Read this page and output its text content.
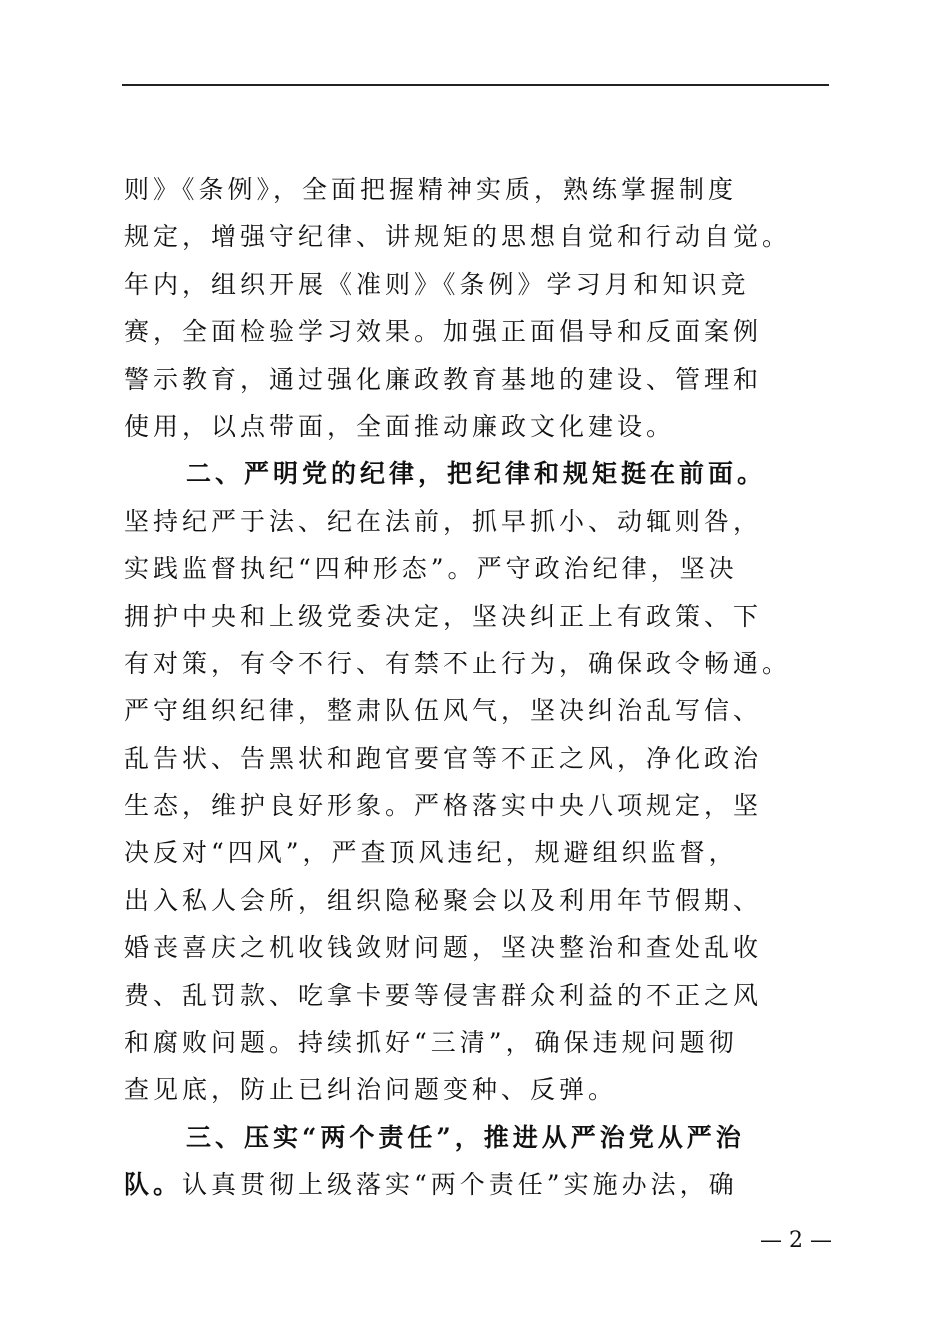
则》《条例》，全面把握精神实质，熟练掌握制度
规定，增强守纪律、讲规矩的思想自觉和行动自觉。
年内，组织开展《准则》《条例》学习月和知识竞
赛，全面检验学习效果。加强正面倡导和反面案例
警示教育，通过强化廉政教育基地的建设、管理和
使用，以点带面，全面推动廉政文化建设。
二、严明党的纪律，把纪律和规矩挺在前面。
坚持纪严于法、纪在法前，抓早抓小、动辄则咎，
实践监督执纪“四种形态”。严守政治纪律，坚决
拥护中央和上级党委决定，坚决纠正上有政策、下
有对策，有令不行、有禁不止行为，确保政令畅通。
严守组织纪律，整肃队伍风气，坚决纠治乱写信、
乱告状、告黑状和跑官要官等不正之风，净化政治
生态，维护良好形象。严格落实中央八项规定，坚
决反对“四风”，严查顶风违纪，规避组织监督，
出入私人会所，组织隐秘聚会以及利用年节假期、
婚丧喜庆之机收钱敛财问题，坚决整治和查处乱收
费、乱罚款、吃拿卡要等侵害群众利益的不正之风
和腐败问题。持续抓好“三清”，确保违规问题彻
查见底，防止已纠治问题变种、反弹。
三、压实“两个责任”，推进从严治党从严治
队。认真贯彻上级落实“两个责任”实施办法，确
— 2 —
